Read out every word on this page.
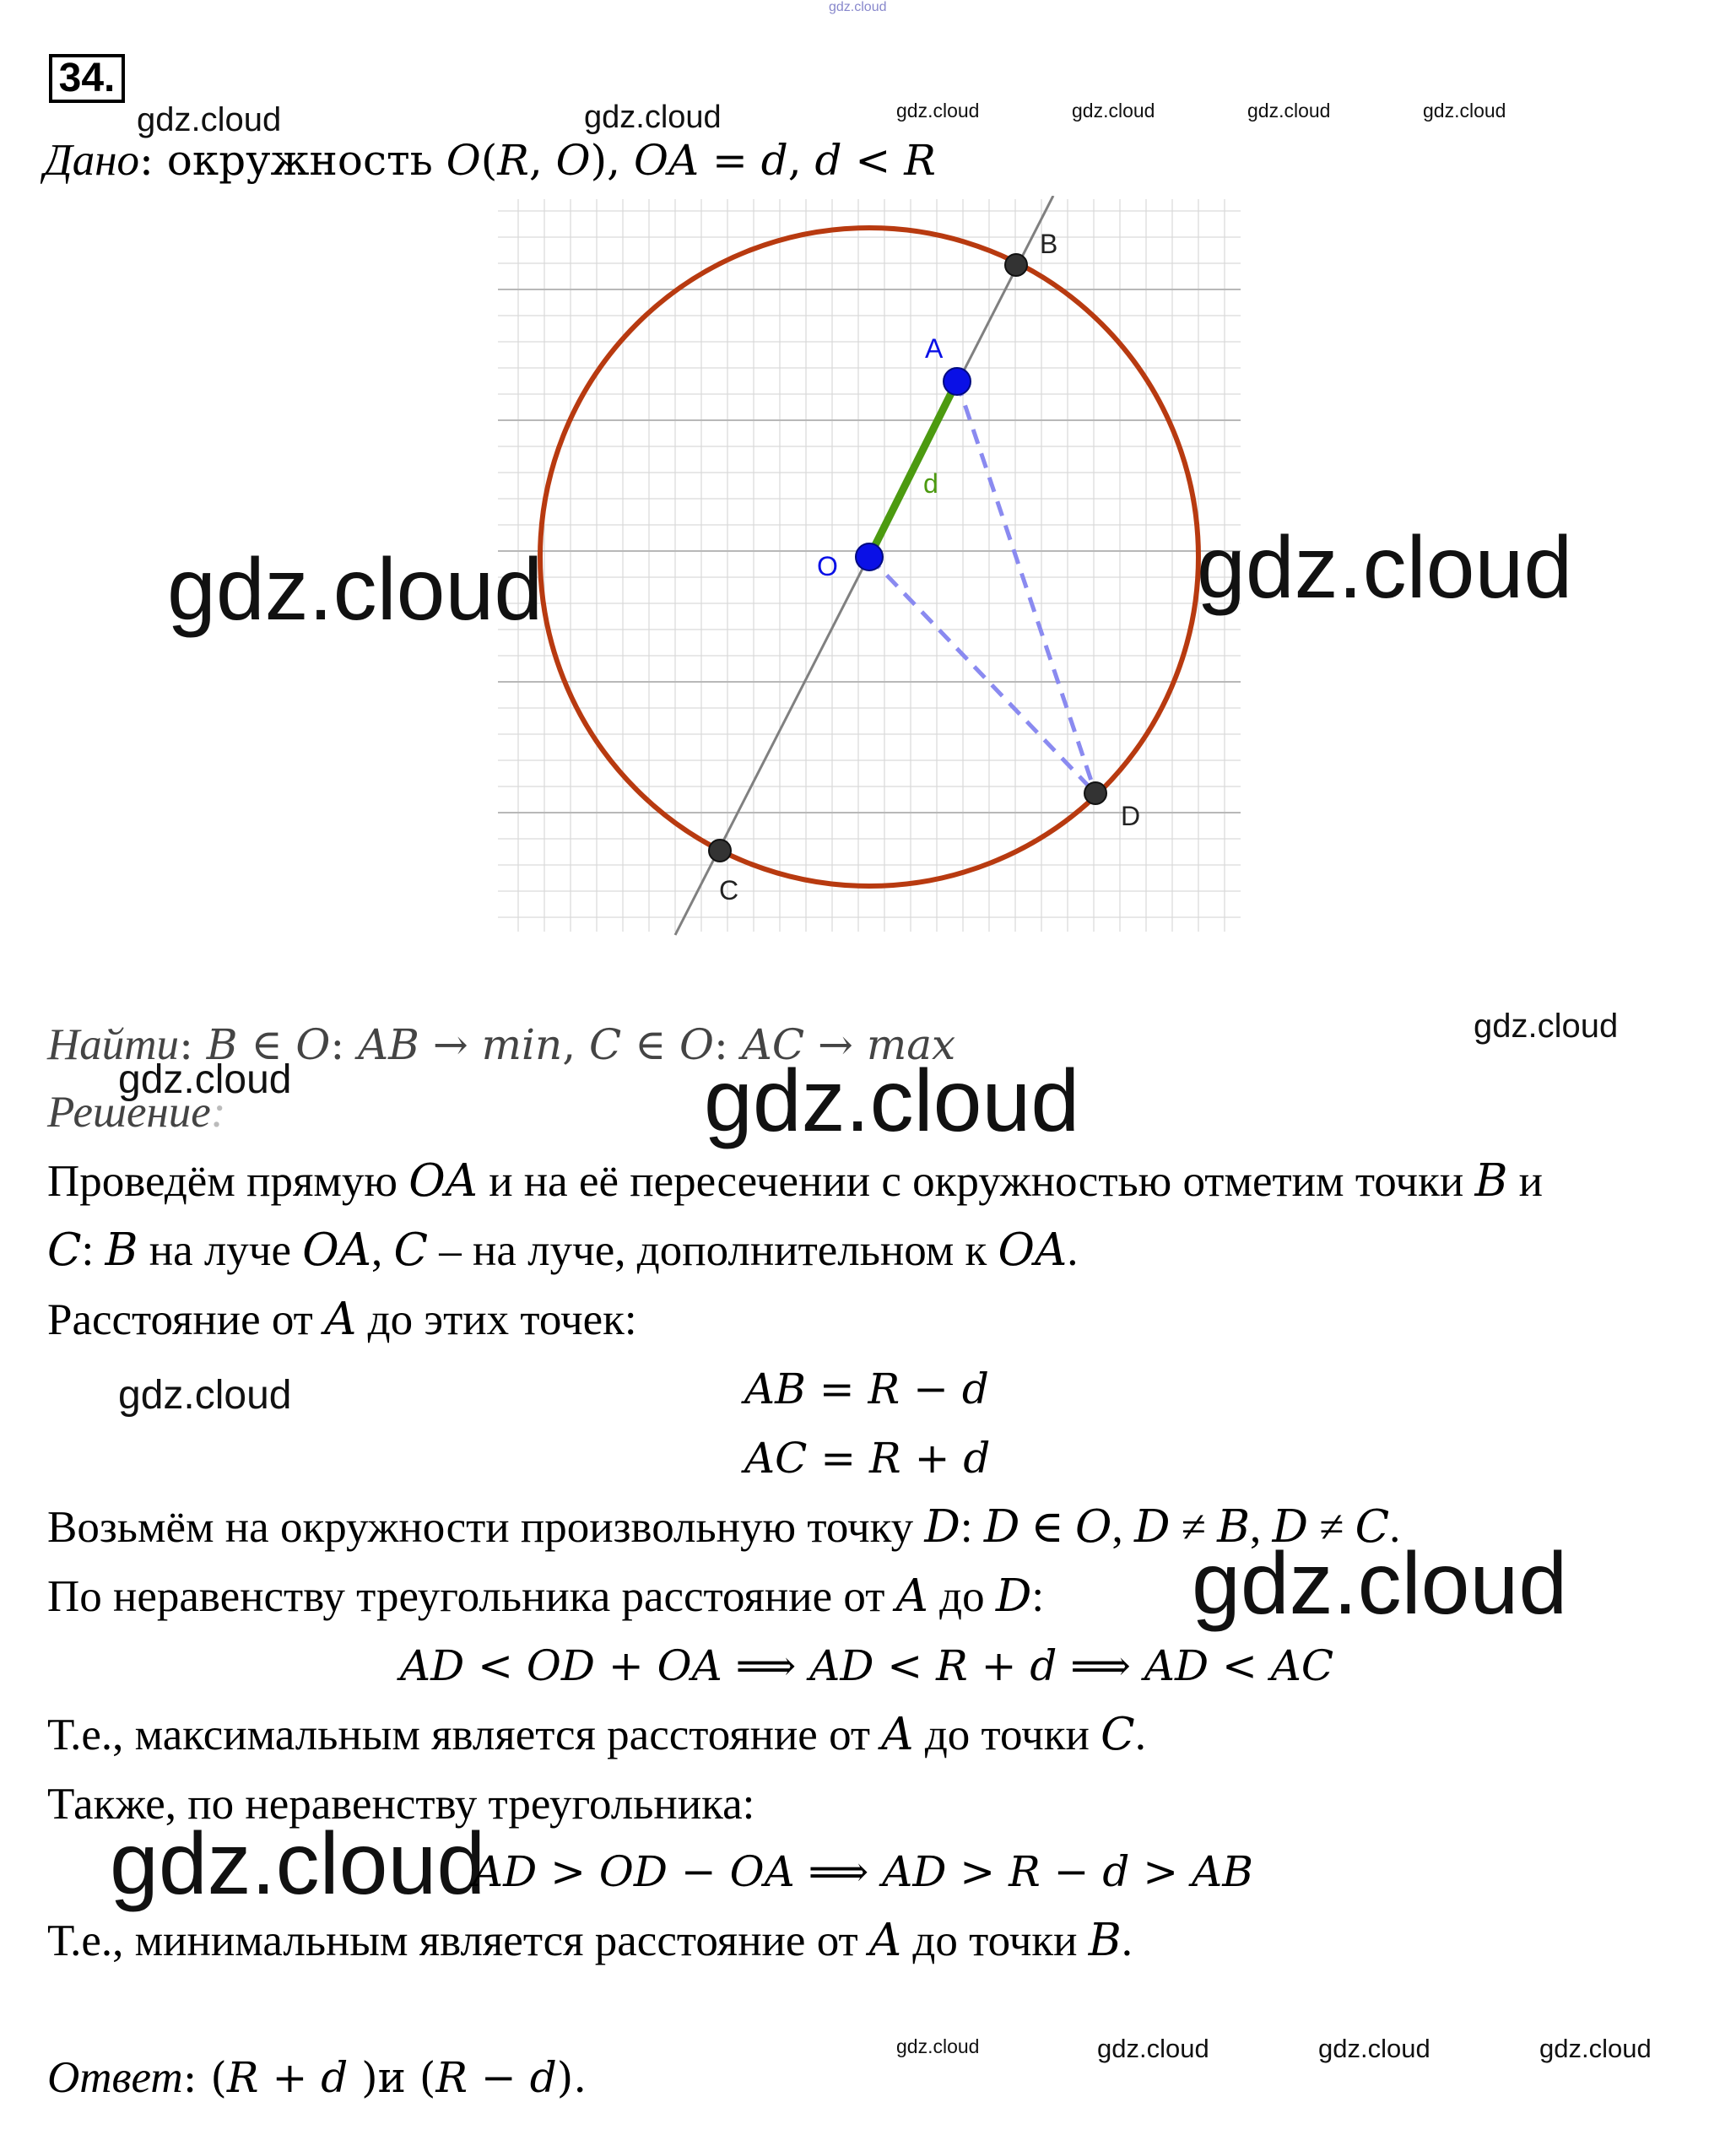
gdz.cloud
34.
gdz.cloud	gdz.cloud	gdz.cloud	gdz.cloud	gdz.cloud	gdz.cloud
Дано: окружность 𝑂(𝑅, 𝑂), 𝑂𝐴 = 𝑑, 𝑑 < 𝑅
B
A
d
O
D
C
gdz.cloud	gdz.cloud
gdz.cloud
Найти: 𝐵 ∈ 𝑂: 𝐴𝐵 → 𝑚𝑖𝑛, 𝐶 ∈ 𝑂: 𝐴𝐶 → 𝑚𝑎𝑥
gdz.cloud	gdz.cloud
Решение:
Проведём прямую 𝑂𝐴 и на её пересечении с окружностью отметим точки 𝐵 и
𝐶: 𝐵 на луче 𝑂𝐴, 𝐶 – на луче, дополнительном к 𝑂𝐴.
Расстояние от 𝐴 до этих точек:
gdz.cloud	𝐴𝐵 = 𝑅 − 𝑑
𝐴𝐶 = 𝑅 + 𝑑
Возьмём на окружности произвольную точку 𝐷: 𝐷 ∈ 𝑂, 𝐷 ≠ 𝐵, 𝐷 ≠ 𝐶.
По неравенству треугольника расстояние от 𝐴 до 𝐷: gdz.cloud
𝐴𝐷 < 𝑂𝐷 + 𝑂𝐴 ⟹ 𝐴𝐷 < 𝑅 + 𝑑 ⟹ 𝐴𝐷 < 𝐴𝐶
Т.е., максимальным является расстояние от 𝐴 до точки 𝐶.
Также, по неравенству треугольника:
gdz.cloud
𝐴𝐷 > 𝑂𝐷 − 𝑂𝐴 ⟹ 𝐴𝐷 > 𝑅 − 𝑑 > 𝐴𝐵
Т.е., минимальным является расстояние от 𝐴 до точки 𝐵.
gdz.cloud	gdz.cloud	gdz.cloud	gdz.cloud
Ответ: (𝑅 + 𝑑 )и (𝑅 − 𝑑).
